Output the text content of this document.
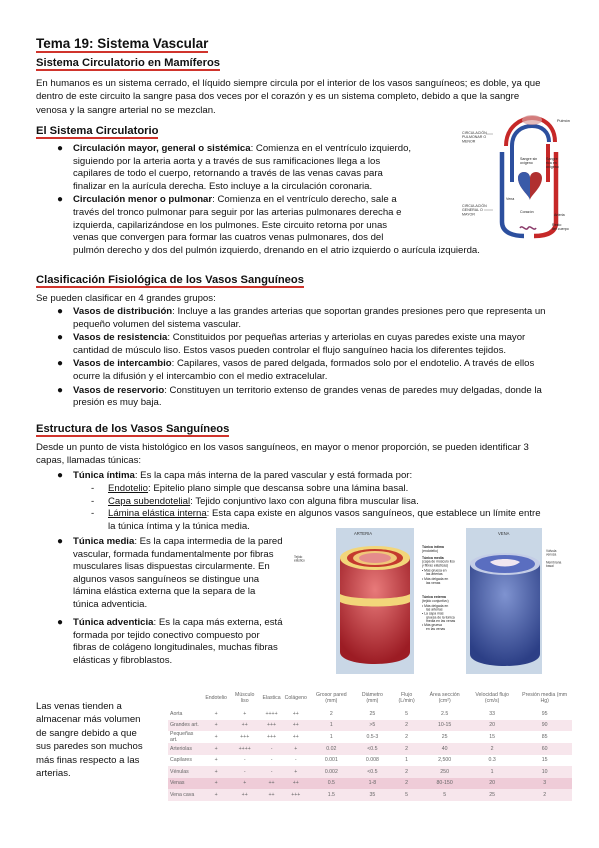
Tema 19: Sistema Vascular
Sistema Circulatorio en Mamíferos
En humanos es un sistema cerrado, el líquido siempre circula por el interior de los vasos sanguíneos; es doble, ya que
dentro de este circuito la sangre pasa dos veces por el corazón y es un sistema completo, debido a que la sangre
venosa y la sangre arterial no se mezclan.
El Sistema Circulatorio
● Circulación mayor, general o sistémica: Comienza en el ventrículo izquierdo,
siguiendo por la arteria aorta y a través de sus ramificaciones llega a los
capilares de todo el cuerpo, retornando a través de las venas cavas para
finalizar en la aurícula derecha. Esto incluye a la circulación coronaria.
● Circulación menor o pulmonar: Comienza en el ventrículo derecho, sale a
través del tronco pulmonar para seguir por las arterias pulmonares derecha e
izquierda, capilarizándose en los pulmones. Este circuito retorna por unas
venas que convergen para formar las cuatros venas pulmonares, dos del
pulmón derecho y dos del pulmón izquierdo, drenando en el atrio izquierdo o aurícula izquierda.
CIRCULACIÓN PULMONAR O MENOR
CIRCULACIÓN GENERAL O MAYOR
Pulmón
Sangre sin oxígeno
Sangre rica en oxígeno
Vena
Corazón
Arteria
Resto del cuerpo
Clasificación Fisiológica de los Vasos Sanguíneos
Se pueden clasificar en 4 grandes grupos:
● Vasos de distribución: Incluye a las grandes arterias que soportan grandes presiones pero que representa un
pequeño volumen del sistema vascular.
● Vasos de resistencia: Constituidos por pequeñas arterias y arteriolas en cuyas paredes existe una mayor
cantidad de músculo liso. Estos vasos pueden controlar el flujo sanguíneo hacia los diferentes tejidos.
● Vasos de intercambio: Capilares, vasos de pared delgada, formados solo por el endotelio. A través de ellos
ocurre la difusión y el intercambio con el medio extracelular.
● Vasos de reservorio: Constituyen un territorio extenso de grandes venas de paredes muy delgadas, donde la
presión es muy baja.
Estructura de los Vasos Sanguíneos
Desde un punto de vista histológico en los vasos sanguíneos, en mayor o menor proporción, se pueden identificar 3
capas, llamadas túnicas:
● Túnica íntima: Es la capa más interna de la pared vascular y está formada por:
- Endotelio: Epitelio plano simple que descansa sobre una lámina basal.
- Capa subendotelial: Tejido conjuntivo laxo con alguna fibra muscular lisa.
- Lámina elástica interna: Esta capa existe en algunos vasos sanguíneos, que establece un límite entre
la túnica íntima y la túnica media.
● Túnica media: Es la capa intermedia de la pared
vascular, formada fundamentalmente por fibras
musculares lisas dispuestas circularmente. En
algunos vasos sanguíneos se distingue una
lámina elástica externa que la separa de la
túnica adventicia.
● Túnica adventicia: Es la capa más externa, está
formada por tejido conectivo compuesto por
fibras de colágeno longitudinales, muchas fibras
elásticas y fibroblastos.
ARTERIA	VENA
Tejido elástico
Túnica íntima (endotelio) Túnica media (capa de músculo liso y fibras elásticas) • Más gruesa en las arterias • Más delgada en las venas Túnica externa (tejido conjuntivo) • Más delgada en las arterias • La capa más gruesa de la túnica media en las venas • Más gruesa en las venas
Válvula venosa Membrana basal
Las venas tienden a
almacenar más volumen
de sangre debido a que
sus paredes son muchos
más finas respecto a las
arterias.
	Endotelio	Músculo liso	Elastica	Colágeno	Grosor pared (mm)	Diámetro (mm)	Flujo (L/min)	Área sección (cm²)	Velocidad flujo (cm/s)	Presión media (mm Hg)
Aorta	+	+	++++	++	2	25	5	2.5	33	95
Grandes art.	+	++	+++	++	1	>5	2	10-15	20	90
Pequeñas art.	+	+++	+++	++	1	0.5-3	2	25	15	85
Arteriolas	+	++++	-	+	0.02	<0.5	2	40	2	60
Capilares	+	-	-	-	0.001	0.008	1	2,500	0.3	15
Vénulas	+	-	-	+	0.002	<0.5	2	250	1	10
Venas	+	+	++	++	0.5	1-8	2	80-150	20	3
Vena cava	+	++	++	+++	1.5	35	5	5	25	2
